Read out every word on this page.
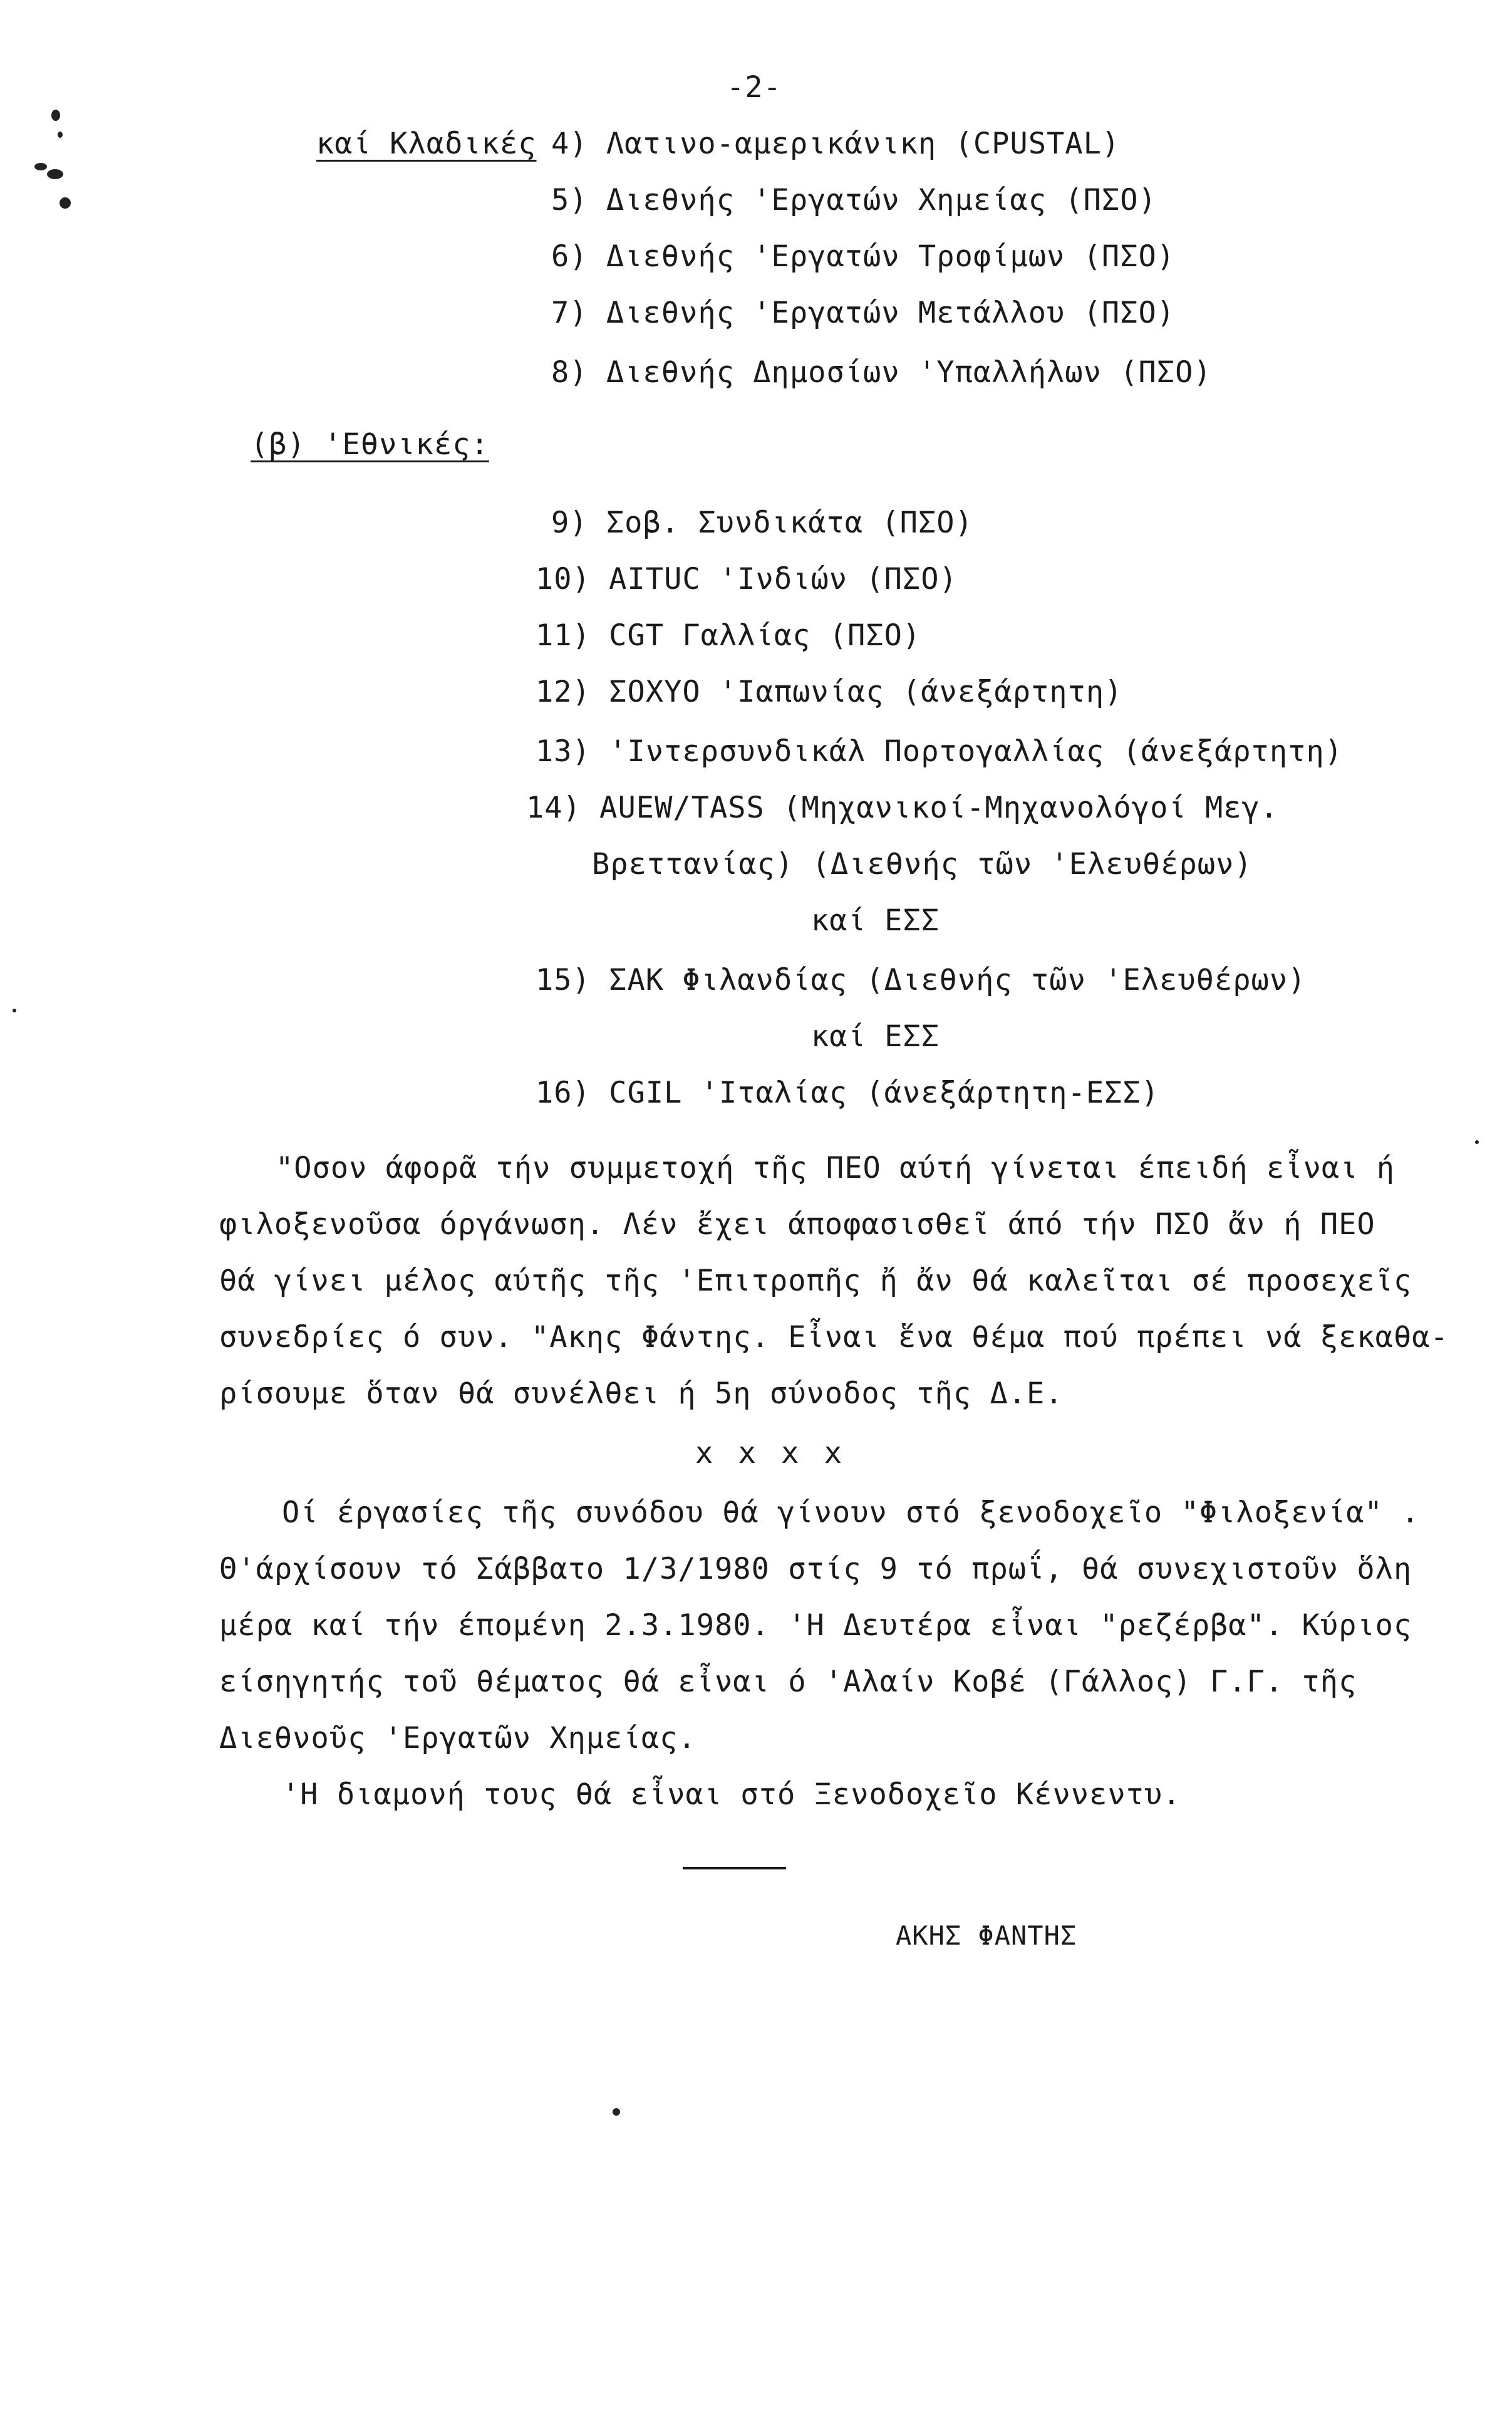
-2-
καί Κλαδικές 4) Λατινο-αμερικάνικη (CPUSTAL)
5) Διεθνής 'Εργατών Χημείας (ΠΣΟ)
6) Διεθνής 'Εργατών Τροφίμων (ΠΣΟ)
7) Διεθνής 'Εργατών Μετάλλου (ΠΣΟ)
8) Διεθνής Δημοσίων 'Υπαλλήλων (ΠΣΟ)
(β) 'Εθνικές:
9) Σοβ. Συνδικάτα (ΠΣΟ)
10) AITUC 'Ινδιών (ΠΣΟ)
11) CGT Γαλλίας (ΠΣΟ)
12) ΣΟΧΥΟ 'Ιαπωνίας (άνεξάρτητη)
13) 'Ιντερσυνδικάλ Πορτογαλλίας (άνεξάρτητη)
14) AUEW/TASS (Μηχανικοί-Μηχανολόγοί Μεγ.
Βρεττανίας) (Διεθνής τῶν 'Ελευθέρων)
καί ΕΣΣ
15) ΣΑΚ Φιλανδίας (Διεθνής τῶν 'Ελευθέρων)
καί ΕΣΣ
16) CGIL 'Ιταλίας (άνεξάρτητη-ΕΣΣ)
"Οσον άφορᾶ τήν συμμετοχή τῆς ΠΕΟ αύτή γίνεται έπειδή εἶναι ή
φιλοξενοῦσα όργάνωση. Λέν ἔχει άποφασισθεῖ άπό τήν ΠΣΟ ἄν ή ΠΕΟ
θά γίνει μέλος αύτῆς τῆς 'Επιτροπῆς ἤ ἄν θά καλεῖται σέ προσεχεῖς
συνεδρίες ό συν. "Ακης Φάντης. Εἶναι ἕνα θέμα πού πρέπει νά ξεκαθα-
ρίσουμε ὅταν θά συνέλθει ή 5η σύνοδος τῆς Δ.Ε.
x x x x
Οί έργασίες τῆς συνόδου θά γίνουν στό ξενοδοχεῖο "Φιλοξενία" .
Θ'άρχίσουν τό Σάββατο 1/3/1980 στίς 9 τό πρωΐ, θά συνεχιστοῦν ὅλη
μέρα καί τήν έπομένη 2.3.1980. 'Η Δευτέρα εἶναι "ρεζέρβα". Κύριος
είσηγητής τοῦ θέματος θά εἶναι ό 'Αλαίν Κοβέ (Γάλλος) Γ.Γ. τῆς
Διεθνοῦς 'Εργατῶν Χημείας.
'Η διαμονή τους θά εἶναι στό Ξενοδοχεῖο Κέννεντυ.
ΑΚΗΣ ΦΑΝΤΗΣ
